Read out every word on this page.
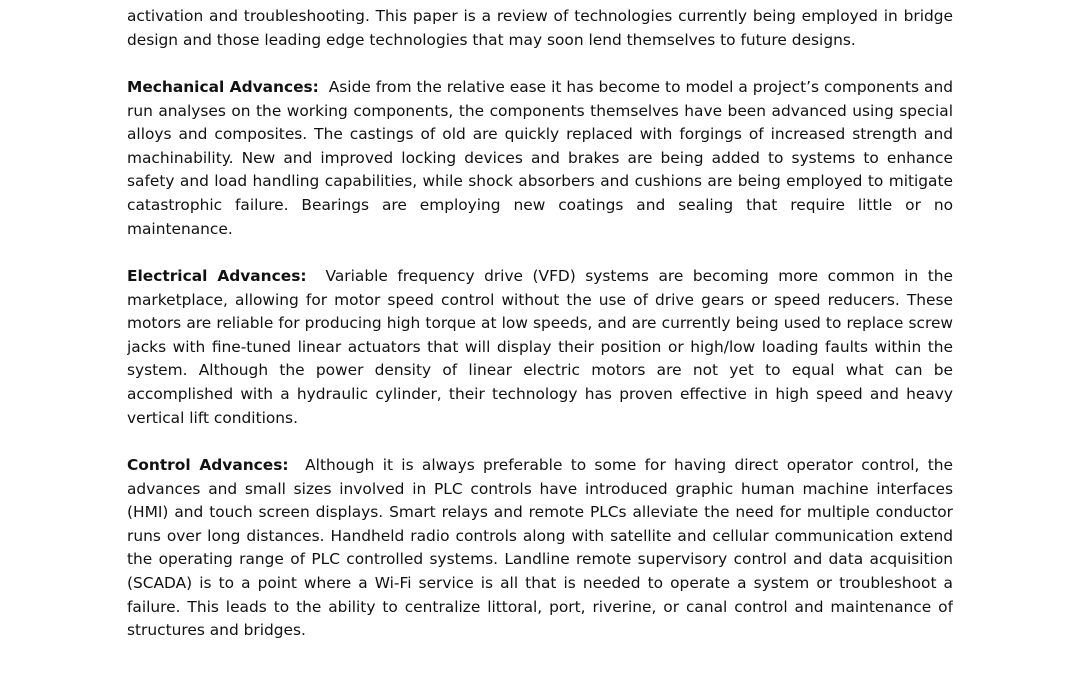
activation and troubleshooting. This paper is a review of technologies currently being employed in bridge design and those leading edge technologies that may soon lend themselves to future designs.

Mechanical Advances: Aside from the relative ease it has become to model a project’s components and run analyses on the working components, the components themselves have been advanced using special alloys and composites. The castings of old are quickly replaced with forgings of increased strength and machinability. New and improved locking devices and brakes are being added to systems to enhance safety and load handling capabilities, while shock absorbers and cushions are being employed to mitigate catastrophic failure. Bearings are employing new coatings and sealing that require little or no maintenance.

Electrical Advances: Variable frequency drive (VFD) systems are becoming more common in the marketplace, allowing for motor speed control without the use of drive gears or speed reducers. These motors are reliable for producing high torque at low speeds, and are currently being used to replace screw jacks with fine-tuned linear actuators that will display their position or high/low loading faults within the system. Although the power density of linear electric motors are not yet to equal what can be accomplished with a hydraulic cylinder, their technology has proven effective in high speed and heavy vertical lift conditions.

Control Advances: Although it is always preferable to some for having direct operator control, the advances and small sizes involved in PLC controls have introduced graphic human machine interfaces (HMI) and touch screen displays. Smart relays and remote PLCs alleviate the need for multiple conductor runs over long distances. Handheld radio controls along with satellite and cellular communication extend the operating range of PLC controlled systems. Landline remote supervisory control and data acquisition (SCADA) is to a point where a Wi-Fi service is all that is needed to operate a system or troubleshoot a failure. This leads to the ability to centralize littoral, port, riverine, or canal control and maintenance of structures and bridges.
